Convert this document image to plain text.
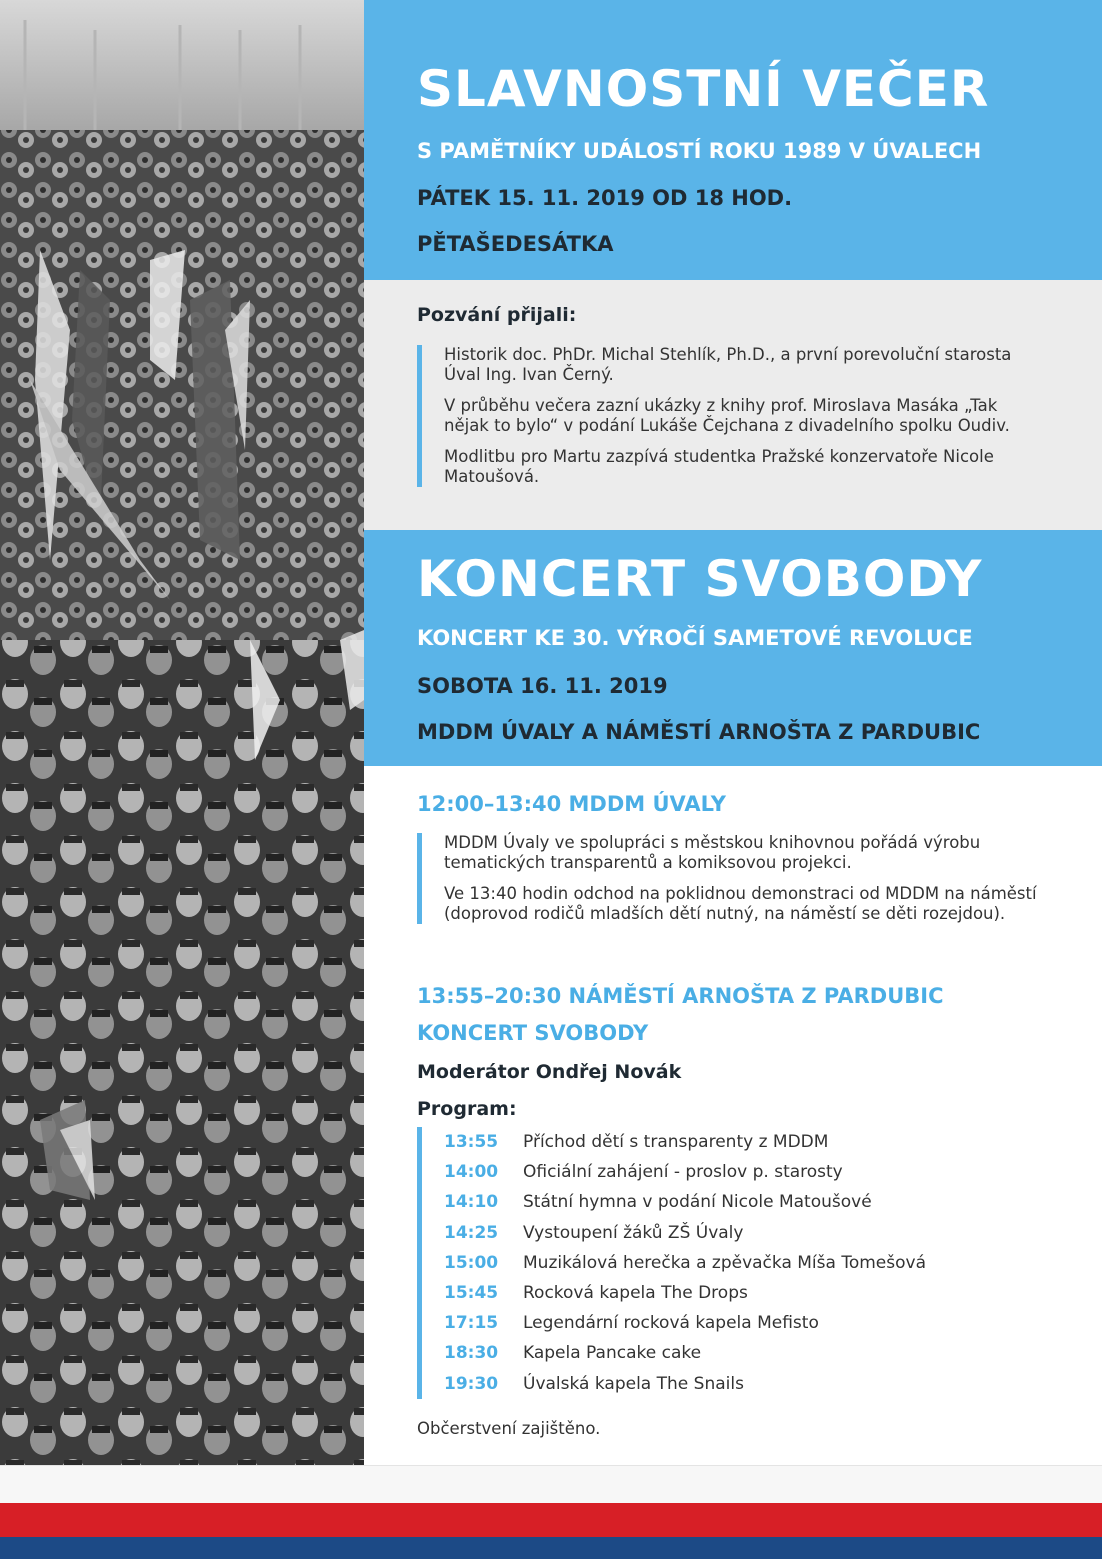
SLAVNOSTNÍ VEČER
S PAMĚTNÍKY UDÁLOSTÍ ROKU 1989 V ÚVALECH
PÁTEK 15. 11. 2019 OD 18 HOD.
PĚTAŠEDESÁTKA
Pozvání přijali:

Historik doc. PhDr. Michal Stehlík, Ph.D., a první porevoluční starosta Úval Ing. Ivan Černý.

V průběhu večera zazní ukázky z knihy prof. Miroslava Masáka „Tak nějak to bylo“ v podání Lukáše Čejchana z divadelního spolku Oudiv.

Modlitbu pro Martu zazpívá studentka Pražské konzervatoře Nicole Matoušová.

KONCERT SVOBODY
KONCERT KE 30. VÝROČÍ SAMETOVÉ REVOLUCE
SOBOTA 16. 11. 2019
MDDM ÚVALY A NÁMĚSTÍ ARNOŠTA Z PARDUBIC
12:00–13:40 MDDM ÚVALY

MDDM Úvaly ve spolupráci s městskou knihovnou pořádá výrobu tematických transparentů a komiksovou projekci.

Ve 13:40 hodin odchod na poklidnou demonstraci od MDDM na náměstí (doprovod rodičů mladších dětí nutný, na náměstí se děti rozejdou).

13:55–20:30 NÁMĚSTÍ ARNOŠTA Z PARDUBIC
KONCERT SVOBODY
Moderátor Ondřej Novák
Program:
13:55	Příchod dětí s transparenty z MDDM
14:00	Oficiální zahájení - proslov p. starosty
14:10	Státní hymna v podání Nicole Matoušové
14:25	Vystoupení žáků ZŠ Úvaly
15:00	Muzikálová herečka a zpěvačka Míša Tomešová
15:45	Rocková kapela The Drops
17:15	Legendární rocková kapela Mefisto
18:30	Kapela Pancake cake
19:30	Úvalská kapela The Snails
Občerstvení zajištěno.
